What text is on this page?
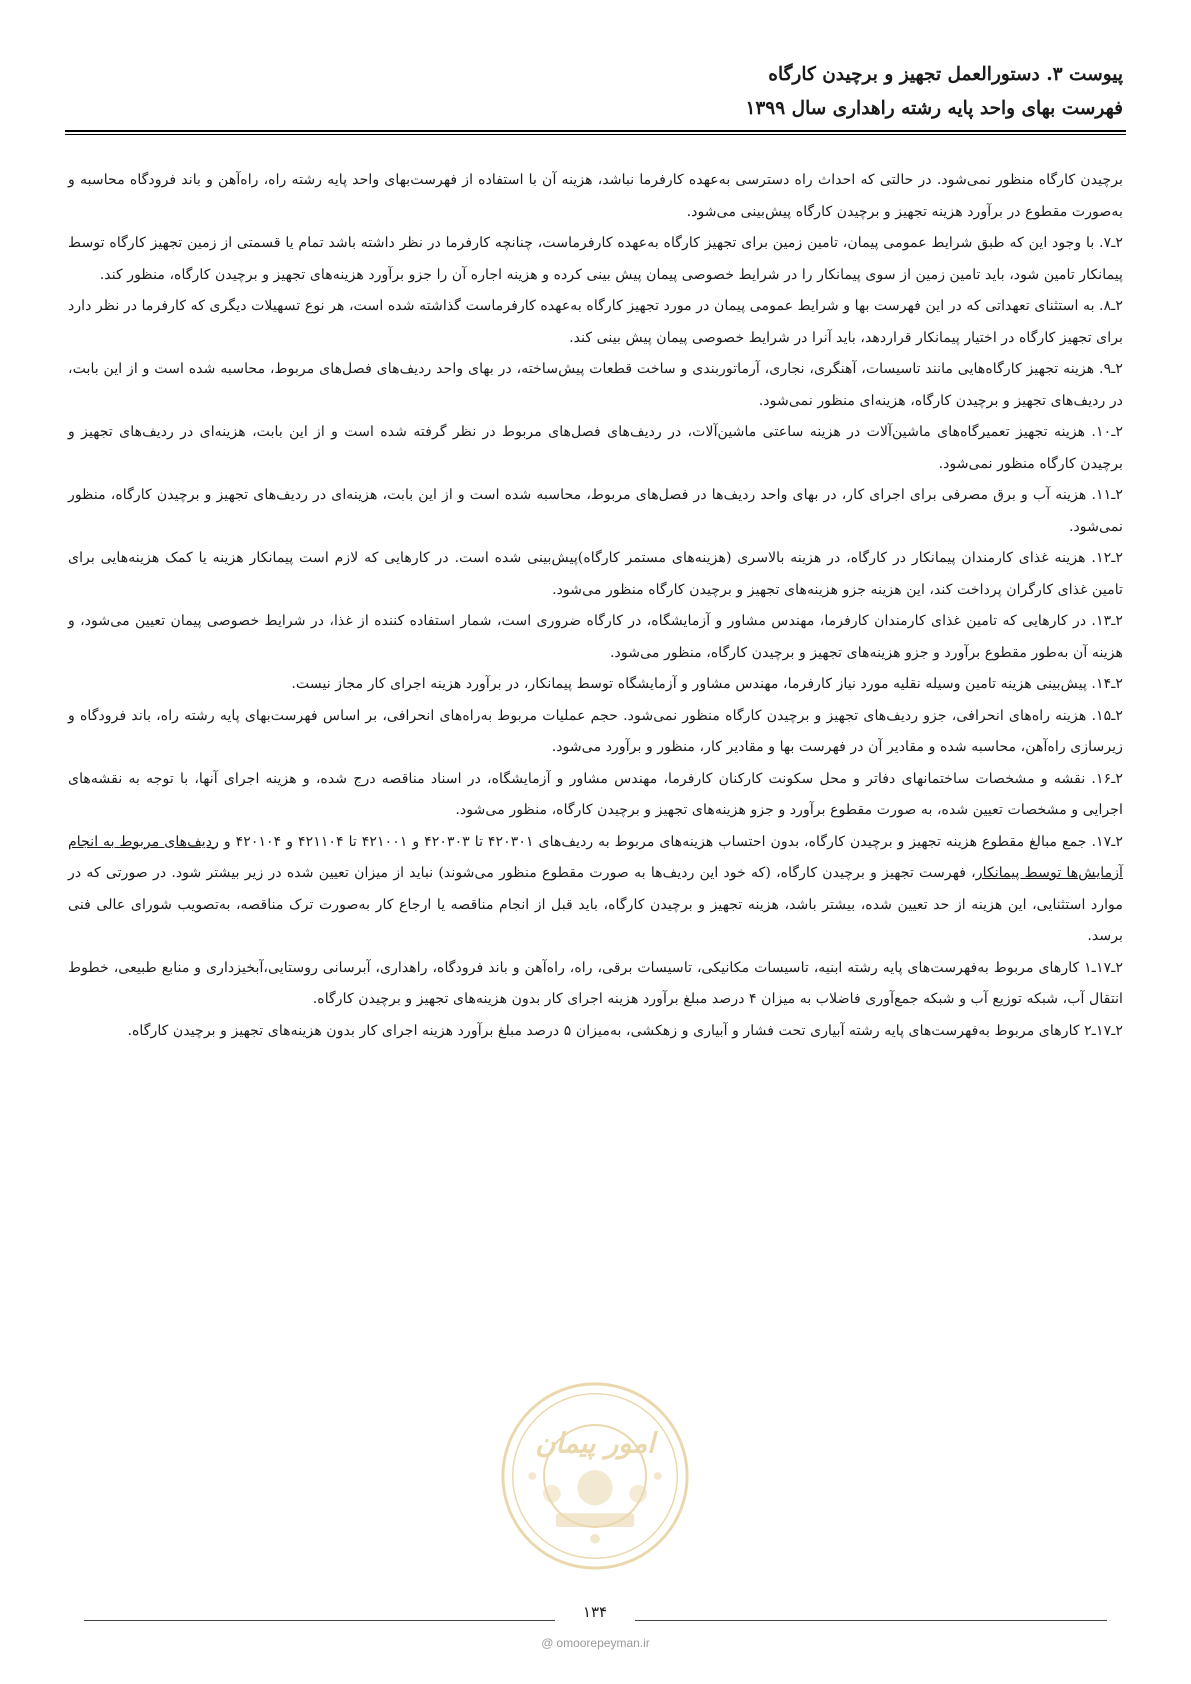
پیوست ۳. دستورالعمل تجهیز و برچیدن کارگاه
فهرست بهای واحد پایه رشته راهداری سال ۱۳۹۹

برچیدن کارگاه منظور نمی‌شود. در حالتی که احداث راه دسترسی به‌عهده کارفرما نباشد، هزینه آن با استفاده از فهرست‌بهای واحد پایه رشته راه، راه‌آهن و باند فرودگاه محاسبه و به‌صورت مقطوع در برآورد هزینه تجهیز و برچیدن کارگاه پیش‌بینی می‌شود.

۲ـ۷. با وجود این که طبق شرایط عمومی پیمان، تامین زمین برای تجهیز کارگاه به‌عهده کارفرماست، چنانچه کارفرما در نظر داشته باشد تمام یا قسمتی از زمین تجهیز کارگاه توسط پیمانکار تامین شود، باید تامین زمین از سوی پیمانکار را در شرایط خصوصی پیمان پیش بینی کرده و هزینه اجاره آن را جزو برآورد هزینه‌های تجهیز و برچیدن کارگاه، منظور کند.

۲ـ۸. به استثنای تعهداتی که در این فهرست بها و شرایط عمومی پیمان در مورد تجهیز کارگاه به‌عهده کارفرماست گذاشته شده است، هر نوع تسهیلات دیگری که کارفرما در نظر دارد برای تجهیز کارگاه در اختیار پیمانکار قراردهد، باید آنرا در شرایط خصوصی پیمان پیش بینی کند.

۲ـ۹. هزینه تجهیز کارگاه‌هایی مانند تاسیسات، آهنگری، نجاری، آرماتوربندی و ساخت قطعات پیش‌ساخته، در بهای واحد ردیف‌های فصل‌های مربوط، محاسبه شده است و از این بابت، در ردیف‌های تجهیز و برچیدن کارگاه، هزینه‌ای منظور نمی‌شود.

۲ـ۱۰. هزینه تجهیز تعمیرگاه‌های ماشین‌آلات در هزینه ساعتی ماشین‌آلات، در ردیف‌های فصل‌های مربوط در نظر گرفته شده است و از این بابت، هزینه‌ای در ردیف‌های تجهیز و برچیدن کارگاه منظور نمی‌شود.

۲ـ۱۱. هزینه آب و برق مصرفی برای اجرای کار، در بهای واحد ردیف‌ها در فصل‌های مربوط، محاسبه شده است و از این بابت، هزینه‌ای در ردیف‌های تجهیز و برچیدن کارگاه، منظور نمی‌شود.

۲ـ۱۲. هزینه غذای کارمندان پیمانکار در کارگاه، در هزینه بالاسری (هزینه‌های مستمر کارگاه)پیش‌بینی شده است. در کارهایی که لازم است پیمانکار هزینه یا کمک هزینه‌هایی برای تامین غذای کارگران پرداخت کند، این هزینه جزو هزینه‌های تجهیز و برچیدن کارگاه منظور می‌شود.

۲ـ۱۳. در کارهایی که تامین غذای کارمندان کارفرما، مهندس مشاور و آزمایشگاه، در کارگاه ضروری است، شمار استفاده کننده از غذا، در شرایط خصوصی پیمان تعیین می‌شود، و هزینه آن به‌طور مقطوع برآورد و جزو هزینه‌های تجهیز و برچیدن کارگاه، منظور می‌شود.

۲ـ۱۴. پیش‌بینی هزینه تامین وسیله نقلیه مورد نیاز کارفرما، مهندس مشاور و آزمایشگاه توسط پیمانکار، در برآورد هزینه اجرای کار مجاز نیست.

۲ـ۱۵. هزینه راه‌های انحرافی، جزو ردیف‌های تجهیز و برچیدن کارگاه منظور نمی‌شود. حجم عملیات مربوط به‌راه‌های انحرافی، بر اساس فهرست‌بهای پایه رشته راه، باند فرودگاه و زیرسازی راه‌آهن، محاسبه شده و مقادیر آن در فهرست بها و مقادیر کار، منظور و برآورد می‌شود.

۲ـ۱۶. نقشه و مشخصات ساختمانهای دفاتر و محل سکونت کارکنان کارفرما، مهندس مشاور و آزمایشگاه، در اسناد مناقصه درج شده، و هزینه اجرای آنها، با توجه به نقشه‌های اجرایی و مشخصات تعیین شده، به صورت مقطوع برآورد و جزو هزینه‌های تجهیز و برچیدن کارگاه، منظور می‌شود.

۲ـ۱۷. جمع مبالغ مقطوع هزینه تجهیز و برچیدن کارگاه، بدون احتساب هزینه‌های مربوط به ردیف‌های ۴۲۰۳۰۱ تا ۴۲۰۳۰۳ و ۴۲۱۰۰۱ تا ۴۲۱۱۰۴ و ۴۲۰۱۰۴ و ردیف‌های مربوط به انجام آزمایش‌ها توسط پیمانکار، فهرست تجهیز و برچیدن کارگاه، (که خود این ردیف‌ها به صورت مقطوع منظور می‌شوند) نباید از میزان تعیین شده در زیر بیشتر شود. در صورتی که در موارد استثنایی، این هزینه از حد تعیین شده، بیشتر باشد، هزینه تجهیز و برچیدن کارگاه، باید قبل از انجام مناقصه یا ارجاع کار به‌صورت ترک مناقصه، به‌تصویب شورای عالی فنی برسد.

۲ـ۱۷ـ۱ کارهای مربوط به‌فهرست‌های پایه رشته ابنیه، تاسیسات مکانیکی، تاسیسات برقی، راه، راه‌آهن و باند فرودگاه، راهداری، آبرسانی روستایی،آبخیزداری و منابع طبیعی، خطوط انتقال آب، شبکه توزیع آب و شبکه جمع‌آوری فاضلاب به میزان ۴ درصد مبلغ برآورد هزینه اجرای کار بدون هزینه‌های تجهیز و برچیدن کارگاه.

۲ـ۱۷ـ۲ کارهای مربوط به‌فهرست‌های پایه رشته آبیاری تحت فشار و آبیاری و زهکشی، به‌میزان ۵ درصد مبلغ برآورد هزینه اجرای کار بدون هزینه‌های تجهیز و برچیدن کارگاه.

امور پیمان
۱۳۴
@ omoorepeyman.ir
